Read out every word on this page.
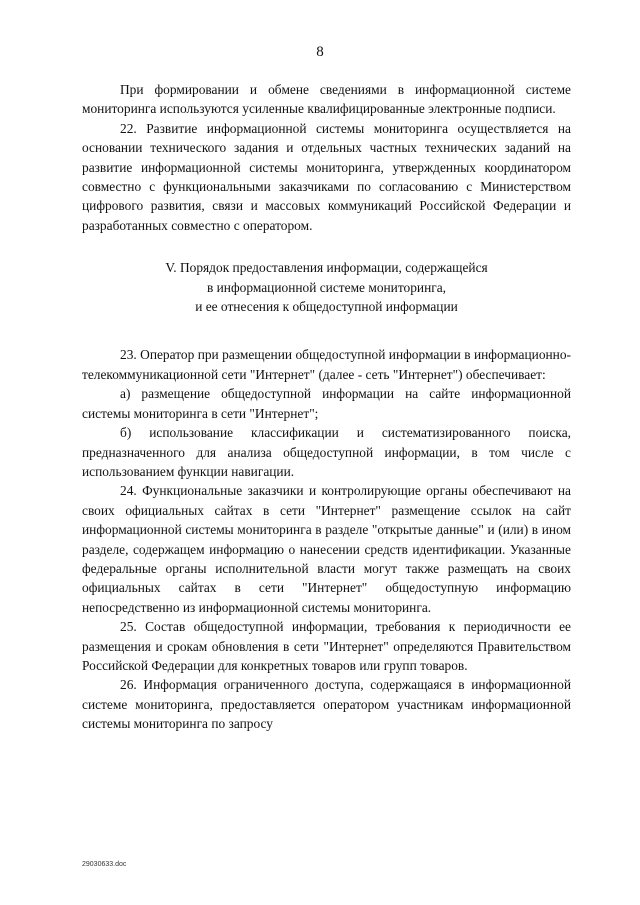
8

При формировании и обмене сведениями в информационной системе мониторинга используются усиленные квалифицированные электронные подписи.

22. Развитие информационной системы мониторинга осуществляется на основании технического задания и отдельных частных технических заданий на развитие информационной системы мониторинга, утвержденных координатором совместно с функциональными заказчиками по согласованию с Министерством цифрового развития, связи и массовых коммуникаций Российской Федерации и разработанных совместно с оператором.

V. Порядок предоставления информации, содержащейся
в информационной системе мониторинга,
и ее отнесения к общедоступной информации

23. Оператор при размещении общедоступной информации в информационно-телекоммуникационной сети "Интернет" (далее - сеть "Интернет") обеспечивает:

а) размещение общедоступной информации на сайте информационной системы мониторинга в сети "Интернет";

б) использование классификации и систематизированного поиска, предназначенного для анализа общедоступной информации, в том числе с использованием функции навигации.

24. Функциональные заказчики и контролирующие органы обеспечивают на своих официальных сайтах в сети "Интернет" размещение ссылок на сайт информационной системы мониторинга в разделе "открытые данные" и (или) в ином разделе, содержащем информацию о нанесении средств идентификации. Указанные федеральные органы исполнительной власти могут также размещать на своих официальных сайтах в сети "Интернет" общедоступную информацию непосредственно из информационной системы мониторинга.

25. Состав общедоступной информации, требования к периодичности ее размещения и срокам обновления в сети "Интернет" определяются Правительством Российской Федерации для конкретных товаров или групп товаров.

26. Информация ограниченного доступа, содержащаяся в информационной системе мониторинга, предоставляется оператором участникам информационной системы мониторинга по запросу

29030633.doc
